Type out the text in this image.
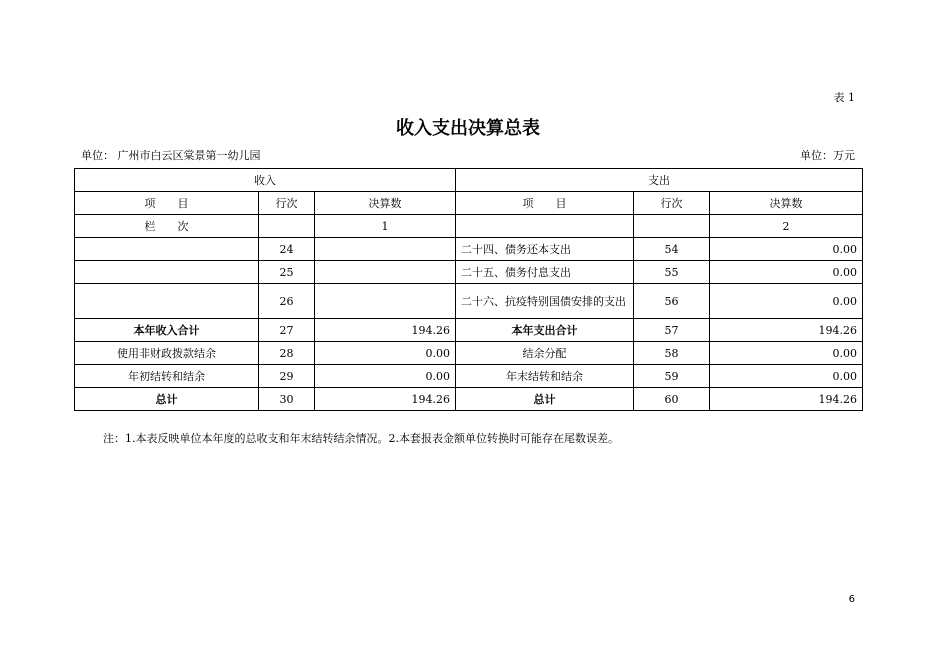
表 1
收入支出决算总表
单位： 广州市白云区棠景第一幼儿园	单位：万元
收入			支出		
项　　目	行次	决算数	项　　目	行次	决算数
栏　　次		1			2
	24		二十四、债务还本支出	54	0.00
	25		二十五、债务付息支出	55	0.00
	26		二十六、抗疫特别国债安排的支出	56	0.00
本年收入合计	27	194.26	本年支出合计	57	194.26
使用非财政拨款结余	28	0.00	结余分配	58	0.00
年初结转和结余	29	0.00	年末结转和结余	59	0.00
总计	30	194.26	总计	60	194.26
注：1.本表反映单位本年度的总收支和年末结转结余情况。2.本套报表金额单位转换时可能存在尾数误差。
6
